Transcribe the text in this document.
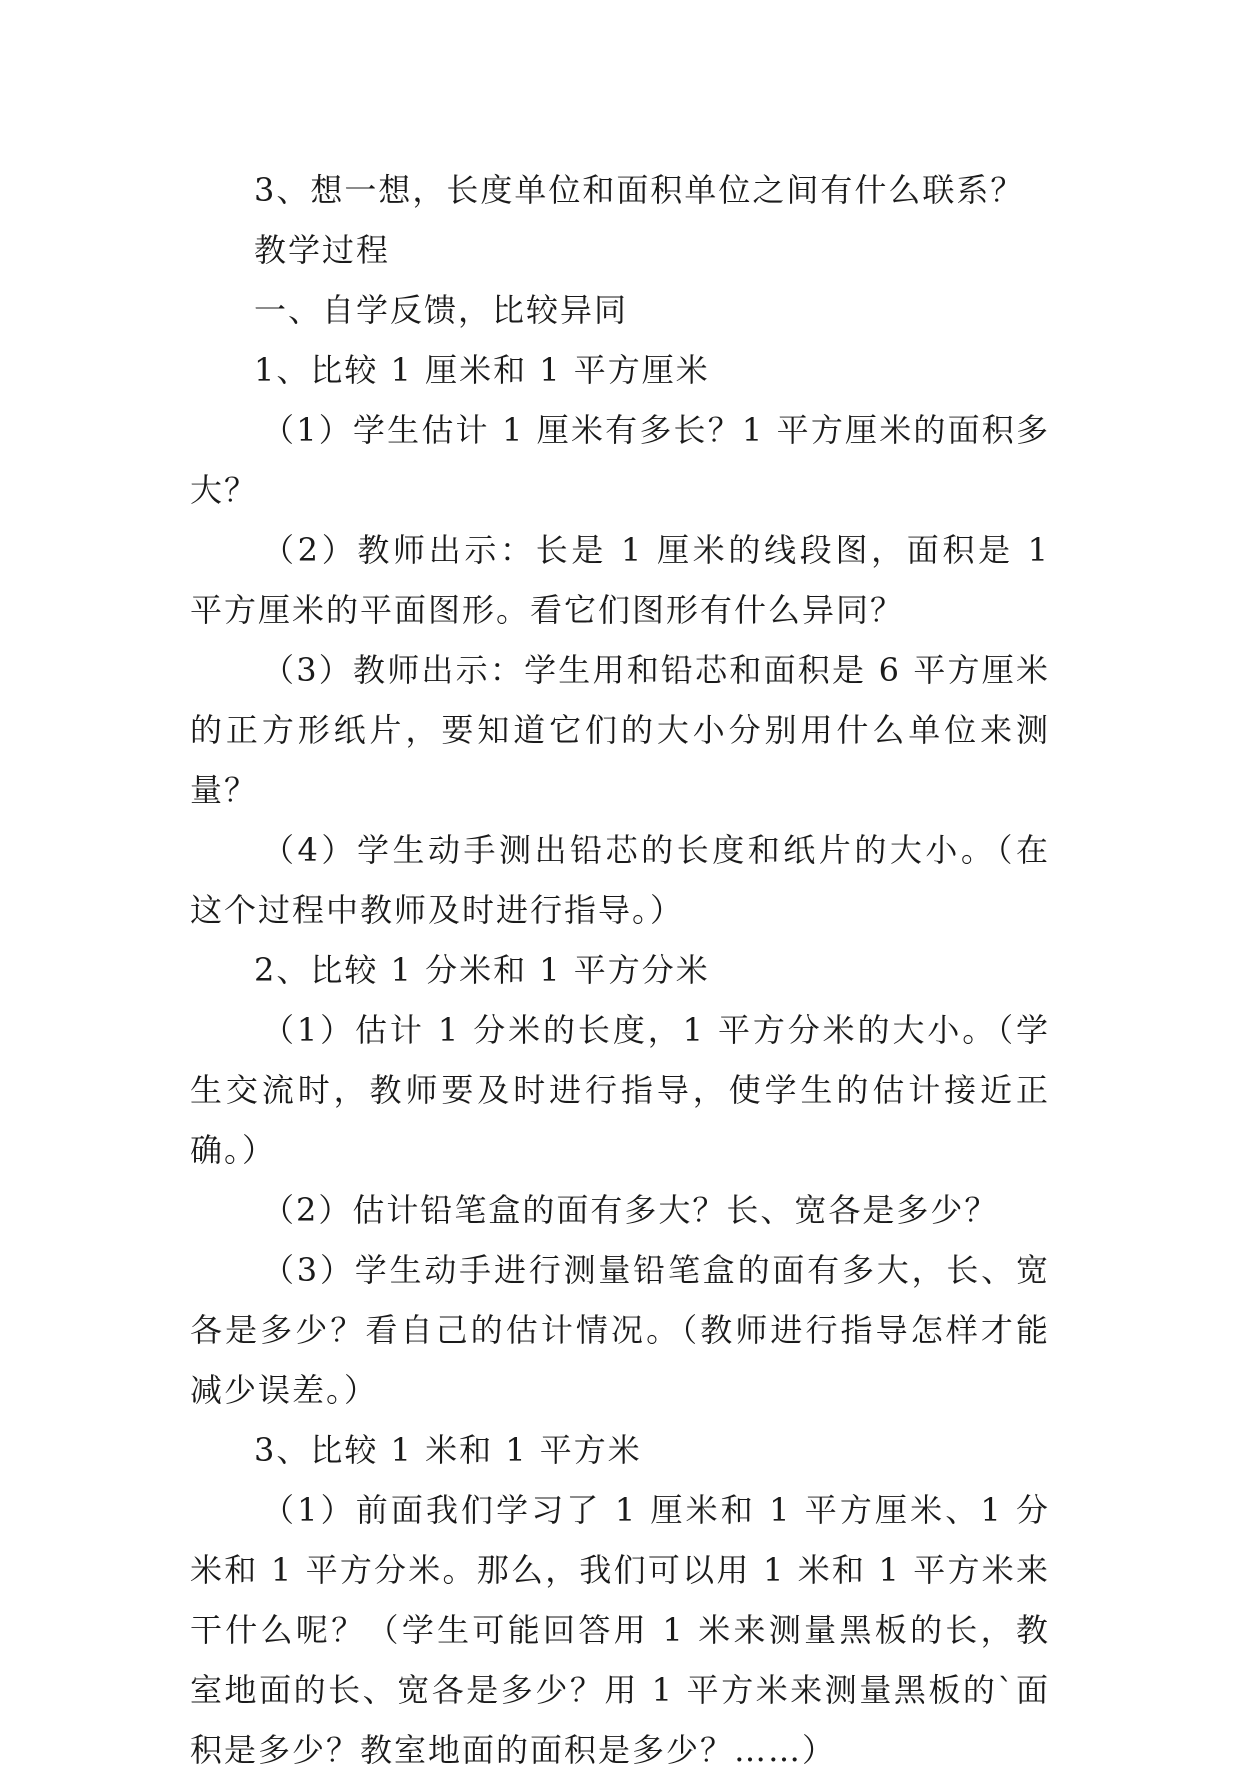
3、想一想，长度单位和面积单位之间有什么联系？

教学过程

一、自学反馈，比较异同

1、比较 1 厘米和 1 平方厘米

（1）学生估计 1 厘米有多长？1 平方厘米的面积多大？

（2）教师出示：长是 1 厘米的线段图，面积是 1 平方厘米的平面图形。看它们图形有什么异同？

（3）教师出示：学生用和铅芯和面积是 6 平方厘米的正方形纸片，要知道它们的大小分别用什么单位来测量？

（4）学生动手测出铅芯的长度和纸片的大小。（在这个过程中教师及时进行指导。）

2、比较 1 分米和 1 平方分米

（1）估计 1 分米的长度，1 平方分米的大小。（学生交流时，教师要及时进行指导，使学生的估计接近正确。）

（2）估计铅笔盒的面有多大？长、宽各是多少？

（3）学生动手进行测量铅笔盒的面有多大，长、宽各是多少？看自己的估计情况。（教师进行指导怎样才能减少误差。）

3、比较 1 米和 1 平方米

（1）前面我们学习了 1 厘米和 1 平方厘米、1 分米和 1 平方分米。那么，我们可以用 1 米和 1 平方米来干什么呢？（学生可能回答用 1 米来测量黑板的长，教室地面的长、宽各是多少？用 1 平方米来测量黑板的`面积是多少？教室地面的面积是多少？……）
